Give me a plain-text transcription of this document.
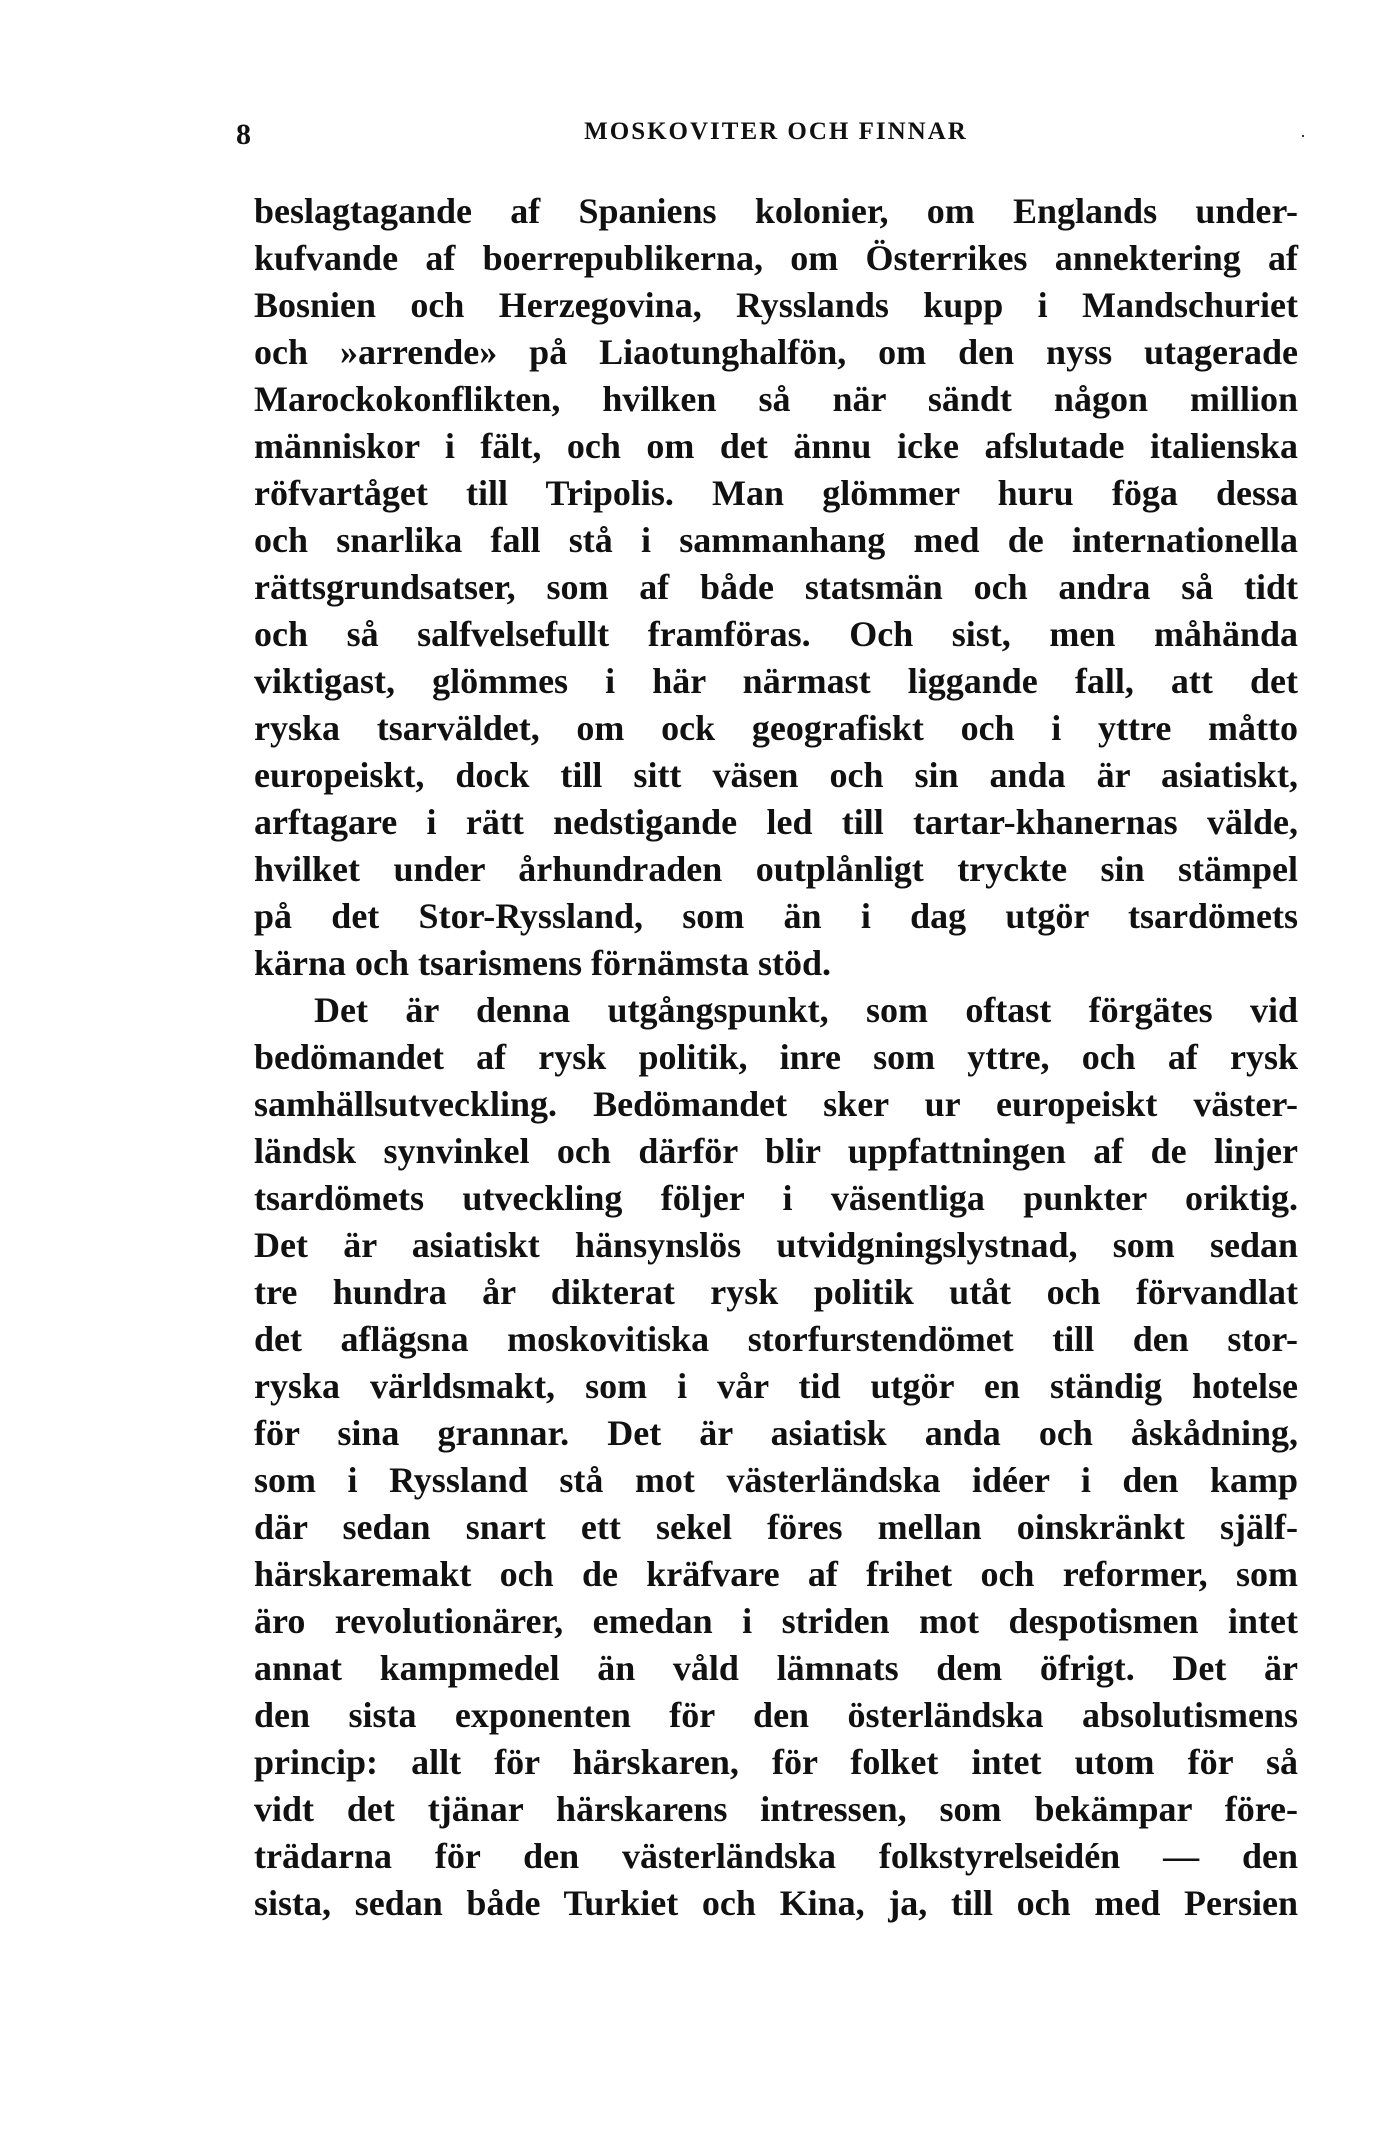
8	MOSKOVITER OCH FINNAR	·
beslagtagande af Spaniens kolonier, om Englands under-
kufvande af boerrepublikerna, om Österrikes annektering af
Bosnien och Herzegovina, Rysslands kupp i Mandschuriet
och »arrende» på Liaotunghalfön, om den nyss utagerade
Marockokonflikten, hvilken så när sändt någon million
människor i fält, och om det ännu icke afslutade italienska
röfvartåget till Tripolis. Man glömmer huru föga dessa
och snarlika fall stå i sammanhang med de internationella
rättsgrundsatser, som af både statsmän och andra så tidt
och så salfvelsefullt framföras. Och sist, men måhända
viktigast, glömmes i här närmast liggande fall, att det
ryska tsarväldet, om ock geografiskt och i yttre måtto
europeiskt, dock till sitt väsen och sin anda är asiatiskt,
arftagare i rätt nedstigande led till tartar-khanernas välde,
hvilket under århundraden outplånligt tryckte sin stämpel
på det Stor-Ryssland, som än i dag utgör tsardömets
kärna och tsarismens förnämsta stöd.
Det är denna utgångspunkt, som oftast förgätes vid
bedömandet af rysk politik, inre som yttre, och af rysk
samhällsutveckling. Bedömandet sker ur europeiskt väster-
ländsk synvinkel och därför blir uppfattningen af de linjer
tsardömets utveckling följer i väsentliga punkter oriktig.
Det är asiatiskt hänsynslös utvidgningslystnad, som sedan
tre hundra år dikterat rysk politik utåt och förvandlat
det aflägsna moskovitiska storfurstendömet till den stor-
ryska världsmakt, som i vår tid utgör en ständig hotelse
för sina grannar. Det är asiatisk anda och åskådning,
som i Ryssland stå mot västerländska idéer i den kamp
där sedan snart ett sekel föres mellan oinskränkt själf-
härskaremakt och de kräfvare af frihet och reformer, som
äro revolutionärer, emedan i striden mot despotismen intet
annat kampmedel än våld lämnats dem öfrigt. Det är
den sista exponenten för den österländska absolutismens
princip: allt för härskaren, för folket intet utom för så
vidt det tjänar härskarens intressen, som bekämpar före-
trädarna för den västerländska folkstyrelseidén — den
sista, sedan både Turkiet och Kina, ja, till och med Persien
